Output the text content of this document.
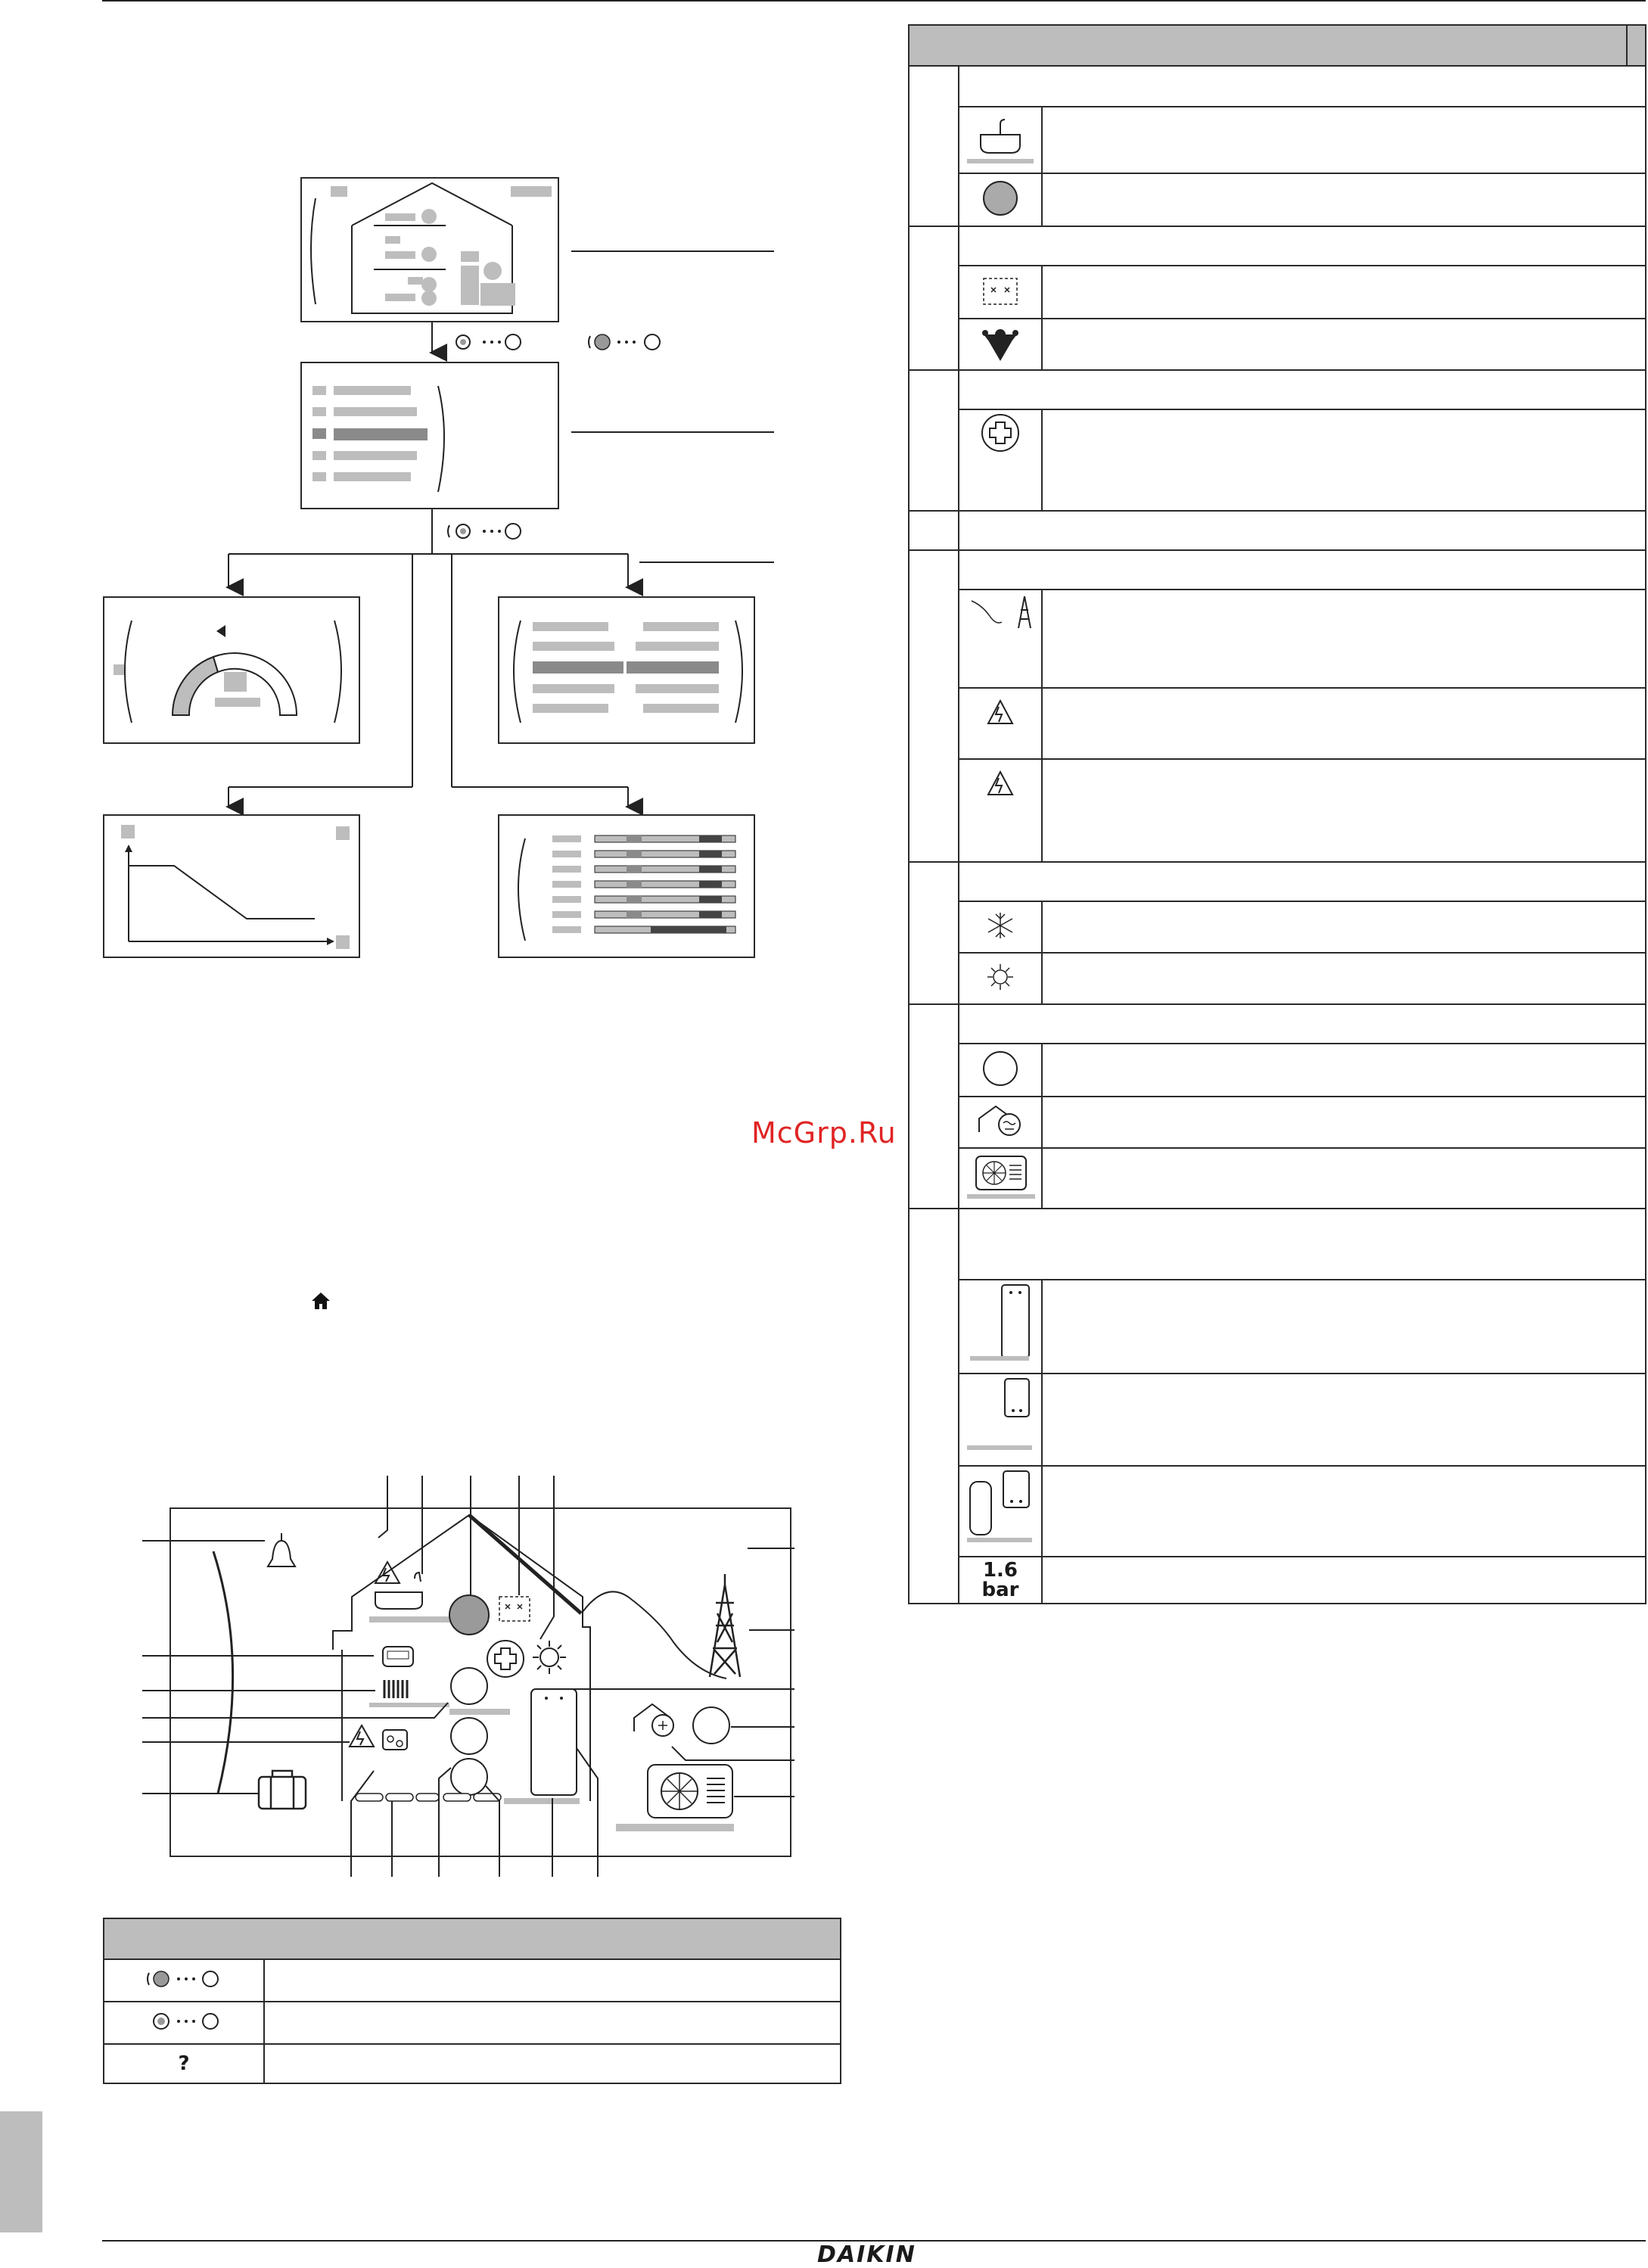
McGrp.Ru

?	

	1.6
bar		

DAIKIN
